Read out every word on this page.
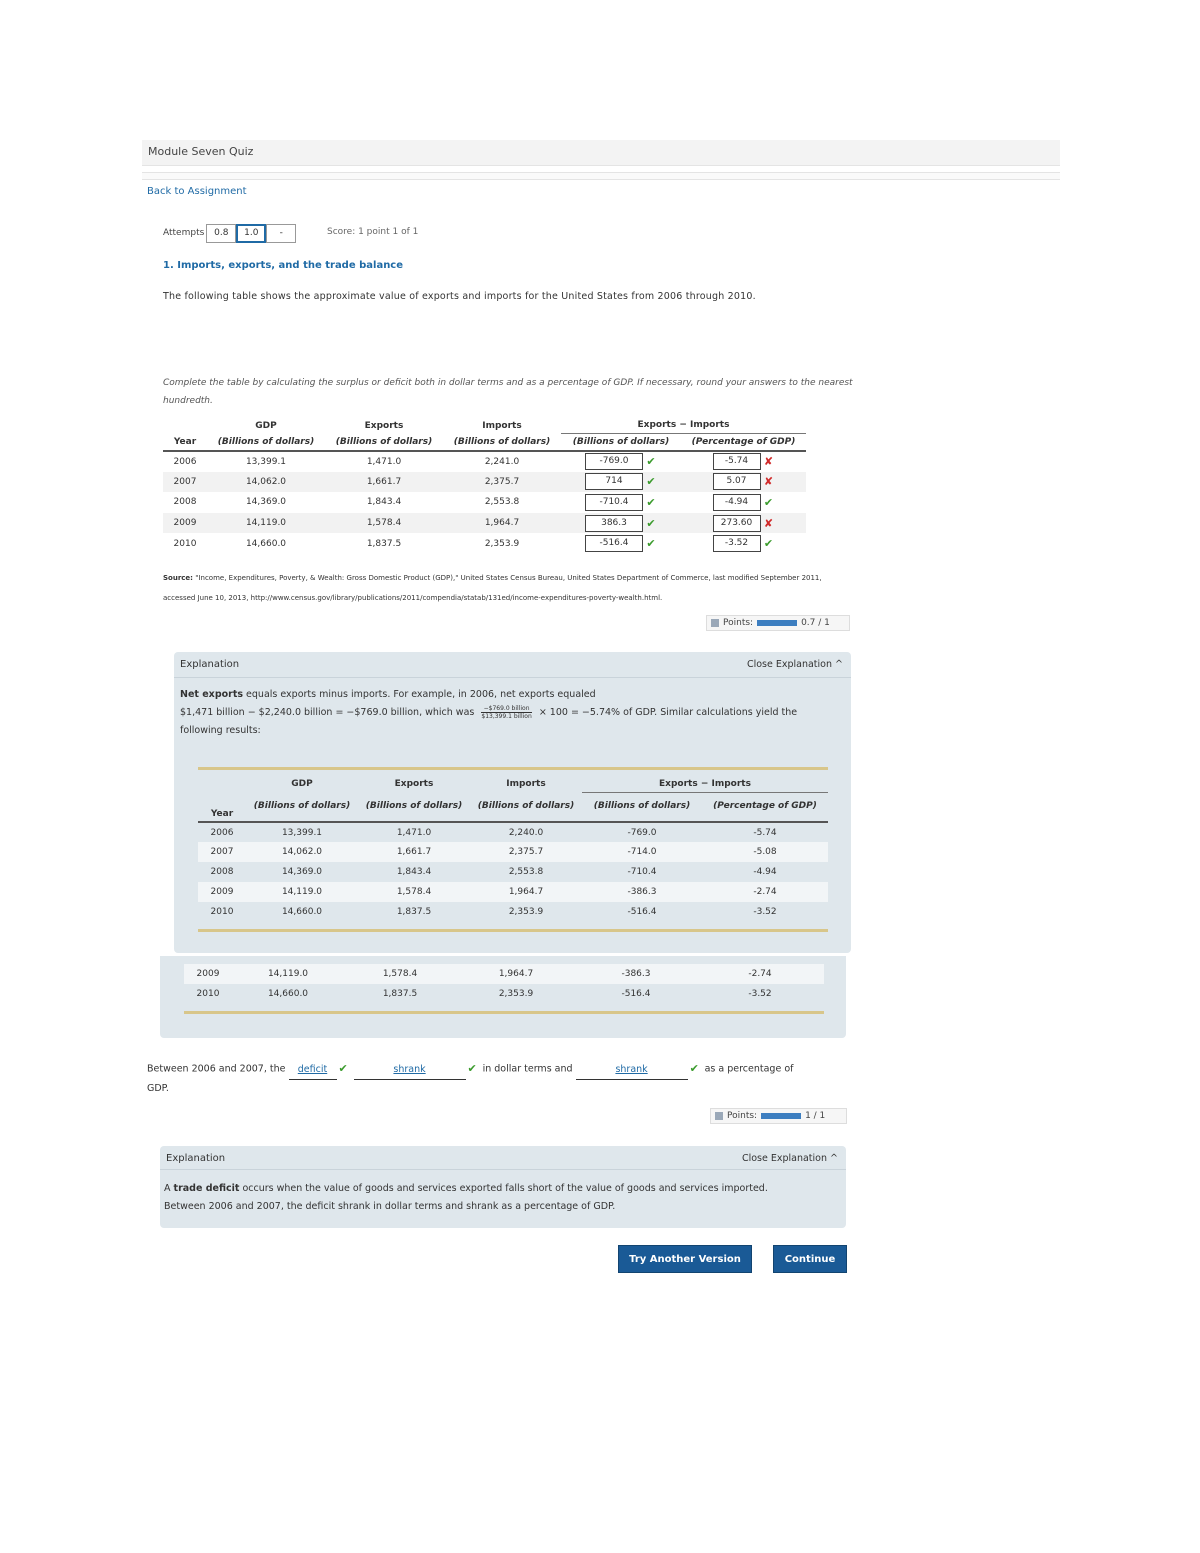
Module Seven Quiz
Back to Assignment
Attempts	0.8	1.0	-	Score: 1 point 1 of 1
1. Imports, exports, and the trade balance
The following table shows the approximate value of exports and imports for the United States from 2006 through 2010.
Complete the table by calculating the surplus or deficit both in dollar terms and as a percentage of GDP. If necessary, round your answers to the nearest hundredth.
	GDP	Exports	Imports	Exports − Imports	
Year	(Billions of dollars)	(Billions of dollars)	(Billions of dollars)	(Billions of dollars)	(Percentage of GDP)
2006	13,399.1	1,471.0	2,241.0	-769.0 ✔	-5.74 ✘
2007	14,062.0	1,661.7	2,375.7	714 ✔	5.07 ✘
2008	14,369.0	1,843.4	2,553.8	-710.4 ✔	-4.94 ✔
2009	14,119.0	1,578.4	1,964.7	386.3 ✔	273.60 ✘
2010	14,660.0	1,837.5	2,353.9	-516.4 ✔	-3.52 ✔
Source: "Income, Expenditures, Poverty, & Wealth: Gross Domestic Product (GDP)," United States Census Bureau, United States Department of Commerce, last modified September 2011, accessed June 10, 2013, http://www.census.gov/library/publications/2011/compendia/statab/131ed/income-expenditures-poverty-wealth.html.
Points:	0.7 / 1
Explanation	Close Explanation ^
Net exports equals exports minus imports. For example, in 2006, net exports equaled
$1,471 billion − $2,240.0 billion = −$769.0 billion, which was	−$769.0 billion
$13,399.1 billion × 100 = −5.74% of GDP. Similar calculations yield the
following results:
	GDP	Exports	Imports	Exports − Imports	
Year	(Billions of dollars)	(Billions of dollars)	(Billions of dollars)	(Billions of dollars)	(Percentage of GDP)
2006	13,399.1	1,471.0	2,240.0	-769.0	-5.74
2007	14,062.0	1,661.7	2,375.7	-714.0	-5.08
2008	14,369.0	1,843.4	2,553.8	-710.4	-4.94
2009	14,119.0	1,578.4	1,964.7	-386.3	-2.74
2010	14,660.0	1,837.5	2,353.9	-516.4	-3.52
2009	14,119.0	1,578.4	1,964.7	-386.3	-2.74
2010	14,660.0	1,837.5	2,353.9	-516.4	-3.52
Between 2006 and 2007, the deficit ✔	shrank	✔ in dollar terms and	shrank	✔ as a percentage of
GDP.
Points:	1 / 1
Explanation	Close Explanation ^
A trade deficit occurs when the value of goods and services exported falls short of the value of goods and services imported.
Between 2006 and 2007, the deficit shrank in dollar terms and shrank as a percentage of GDP.
Try Another Version	Continue
